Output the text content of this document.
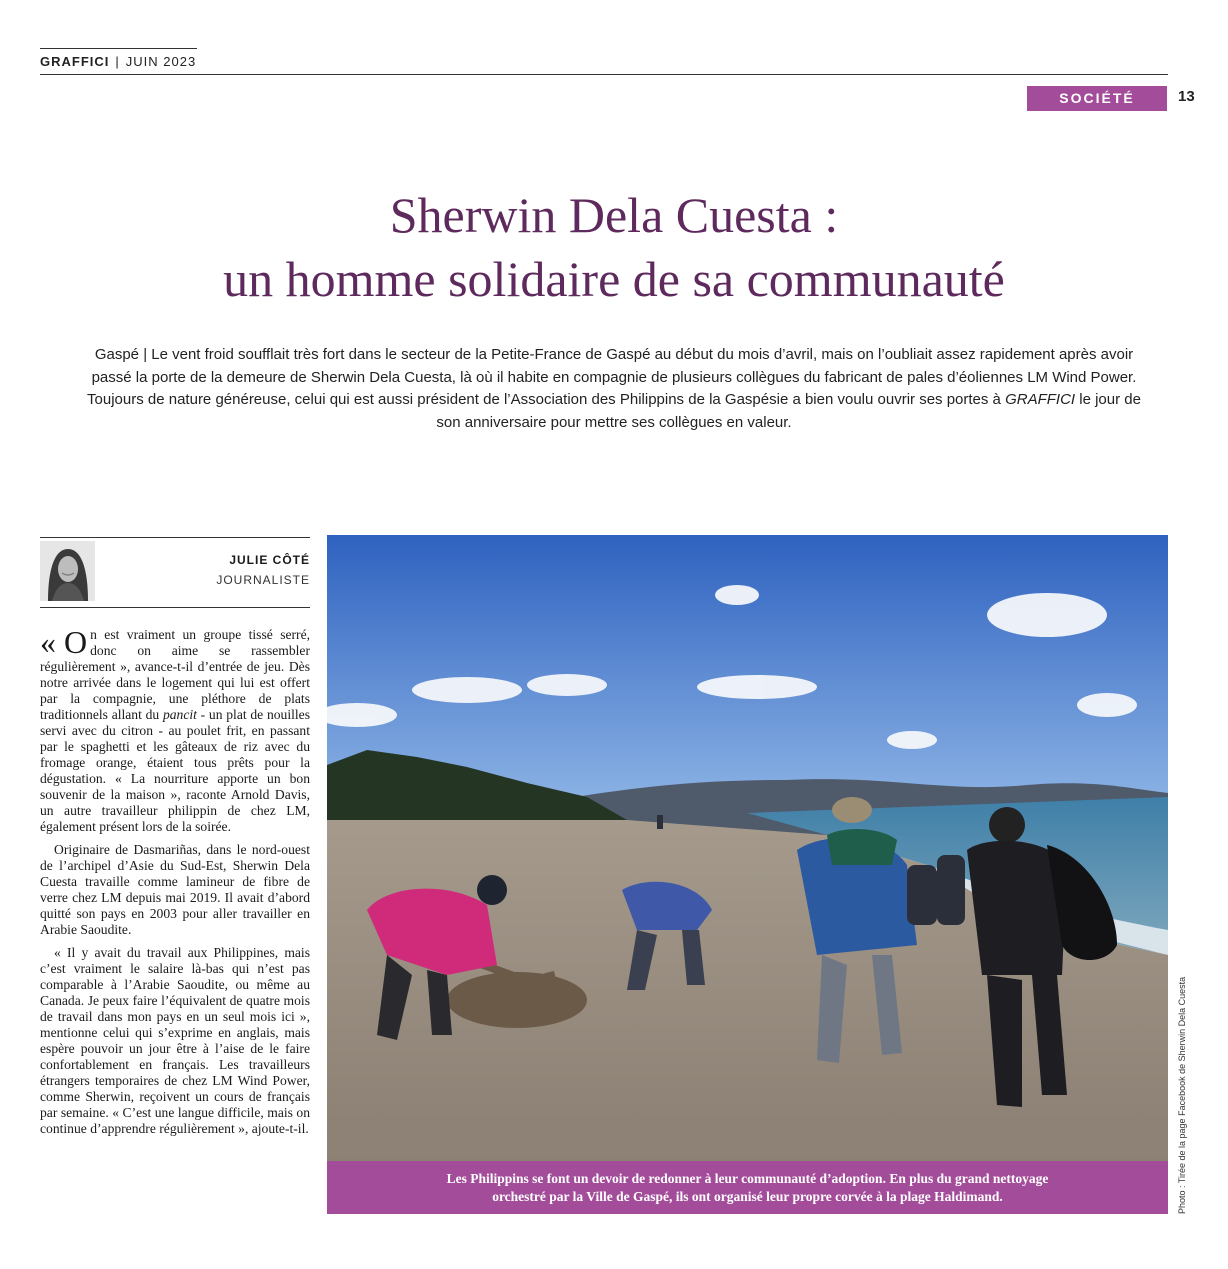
GRAFFICI | JUIN 2023
SOCIÉTÉ	13
Sherwin Dela Cuesta :
un homme solidaire de sa communauté
Gaspé | Le vent froid soufflait très fort dans le secteur de la Petite-France de Gaspé au début du mois d’avril, mais on l’oubliait assez rapidement après avoir passé la porte de la demeure de Sherwin Dela Cuesta, là où il habite en compagnie de plusieurs collègues du fabricant de pales d’éoliennes LM Wind Power. Toujours de nature généreuse, celui qui est aussi président de l’Association des Philippins de la Gaspésie a bien voulu ouvrir ses portes à GRAFFICI le jour de son anniversaire pour mettre ses collègues en valeur.
JULIE CÔTÉ
JOURNALISTE

« O n est vraiment un groupe tissé serré, donc on aime se rassembler régulièrement », avance-t-il d’entrée de jeu. Dès notre arrivée dans le logement qui lui est offert par la compagnie, une pléthore de plats traditionnels allant du pancit - un plat de nouilles servi avec du citron - au poulet frit, en passant par le spaghetti et les gâteaux de riz avec du fromage orange, étaient tous prêts pour la dégustation. « La nourriture apporte un bon souvenir de la maison », raconte Arnold Davis, un autre travailleur philippin de chez LM, également présent lors de la soirée.

Originaire de Dasmariñas, dans le nord-ouest de l’archipel d’Asie du Sud-Est, Sherwin Dela Cuesta travaille comme lamineur de fibre de verre chez LM depuis mai 2019. Il avait d’abord quitté son pays en 2003 pour aller travailler en Arabie Saoudite.

« Il y avait du travail aux Philippines, mais c’est vraiment le salaire là-bas qui n’est pas comparable à l’Arabie Saoudite, ou même au Canada. Je peux faire l’équivalent de quatre mois de travail dans mon pays en un seul mois ici », mentionne celui qui s’exprime en anglais, mais espère pouvoir un jour être à l’aise de le faire confortablement en français. Les travailleurs étrangers temporaires de chez LM Wind Power, comme Sherwin, reçoivent un cours de français par semaine. « C’est une langue difficile, mais on continue d’apprendre régulièrement », ajoute-t-il.

Les Philippins se font un devoir de redonner à leur communauté d’adoption. En plus du grand nettoyage
orchestré par la Ville de Gaspé, ils ont organisé leur propre corvée à la plage Haldimand.	Photo : Tirée de la page Facebook de Sherwin Dela Cuesta
